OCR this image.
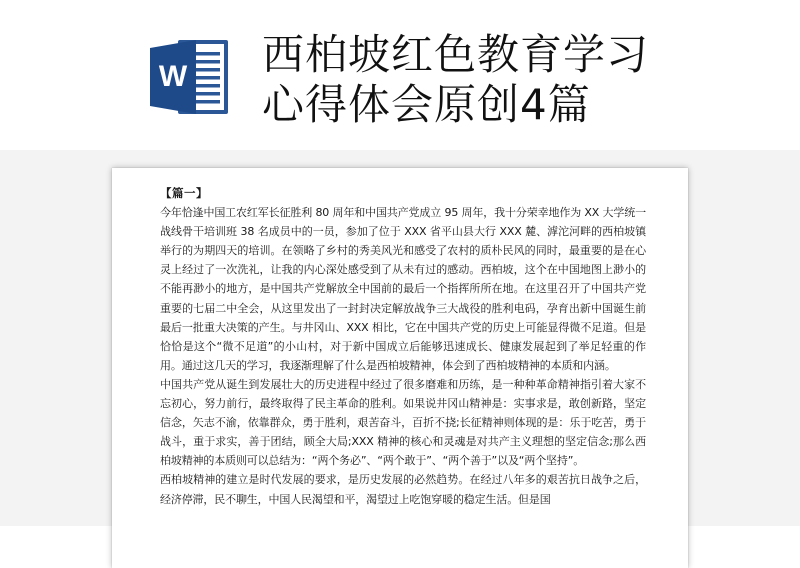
W 西柏坡红色教育学习
心得体会原创4篇

【篇一】

今年恰逢中国工农红军长征胜利 80 周年和中国共产党成立 95 周年，我十分荣幸地作为 XX 大学统一战线骨干培训班 38 名成员中的一员，参加了位于 XXX 省平山县大行 XXX 麓、滹沱河畔的西柏坡镇举行的为期四天的培训。在领略了乡村的秀美风光和感受了农村的质朴民风的同时，最重要的是在心灵上经过了一次洗礼，让我的内心深处感受到了从未有过的感动。西柏坡，这个在中国地图上渺小的不能再渺小的地方，是中国共产党解放全中国前的最后一个指挥所所在地。在这里召开了中国共产党重要的七届二中全会，从这里发出了一封封决定解放战争三大战役的胜利电码，孕育出新中国诞生前最后一批重大决策的产生。与井冈山、XXX 相比，它在中国共产党的历史上可能显得微不足道。但是恰恰是这个“微不足道”的小山村，对于新中国成立后能够迅速成长、健康发展起到了举足轻重的作用。通过这几天的学习，我逐渐理解了什么是西柏坡精神，体会到了西柏坡精神的本质和内涵。

中国共产党从诞生到发展壮大的历史进程中经过了很多磨难和历练，是一种种革命精神指引着大家不忘初心，努力前行，最终取得了民主革命的胜利。如果说井冈山精神是：实事求是，敢创新路，坚定信念，矢志不渝，依靠群众，勇于胜利，艰苦奋斗，百折不挠;长征精神则体现的是：乐于吃苦，勇于战斗，重于求实，善于团结，顾全大局;XXX 精神的核心和灵魂是对共产主义理想的坚定信念;那么西柏坡精神的本质则可以总结为：“两个务必”、“两个敢于”、“两个善于”以及“两个坚持”。

西柏坡精神的建立是时代发展的要求，是历史发展的必然趋势。在经过八年多的艰苦抗日战争之后，经济停滞，民不聊生，中国人民渴望和平，渴望过上吃饱穿暖的稳定生活。但是国
